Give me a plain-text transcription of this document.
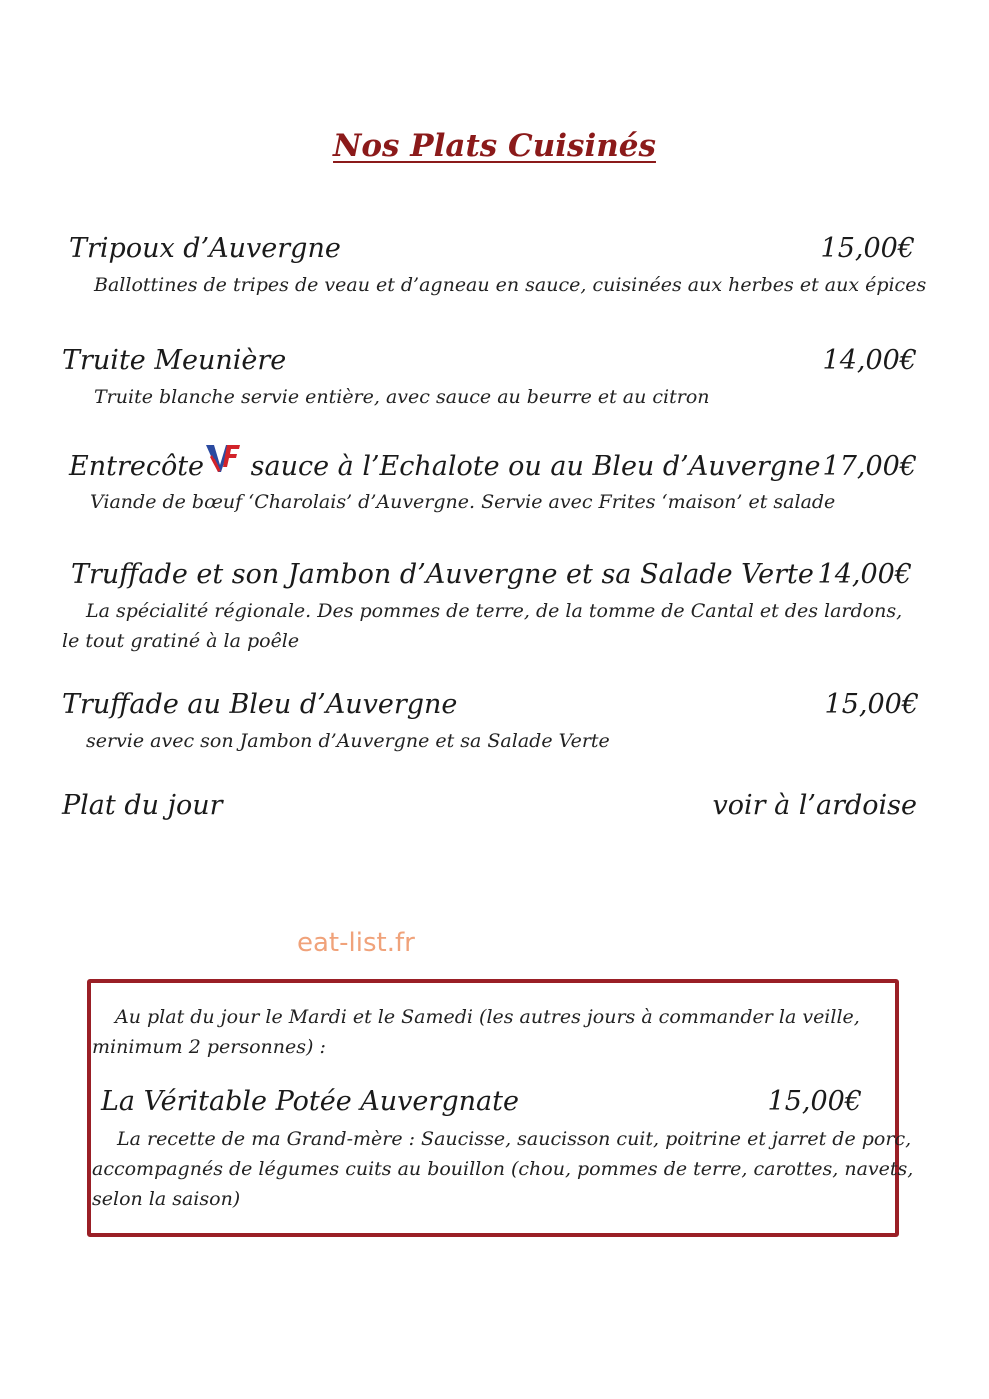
Nos Plats Cuisinés
Tripoux d’Auvergne	15,00€
Ballottines de tripes de veau et d’agneau en sauce, cuisinées aux herbes et aux épices
Truite Meunière	14,00€
Truite blanche servie entière, avec sauce au beurre et au citron
Entrecôte sauce à l’Echalote ou au Bleu d’Auvergne 17,00€
Viande de bœuf ‘Charolais’ d’Auvergne. Servie avec Frites ‘maison’ et salade
Truffade et son Jambon d’Auvergne et sa Salade Verte 14,00€
La spécialité régionale. Des pommes de terre, de la tomme de Cantal et des lardons,
le tout gratiné à la poêle
Truffade au Bleu d’Auvergne	15,00€
servie avec son Jambon d’Auvergne et sa Salade Verte
Plat du jour	voir à l’ardoise
eat-list.fr
Au plat du jour le Mardi et le Samedi (les autres jours à commander la veille,
minimum 2 personnes) :
La Véritable Potée Auvergnate	15,00€
La recette de ma Grand-mère : Saucisse, saucisson cuit, poitrine et jarret de porc,
accompagnés de légumes cuits au bouillon (chou, pommes de terre, carottes, navets,
selon la saison)
